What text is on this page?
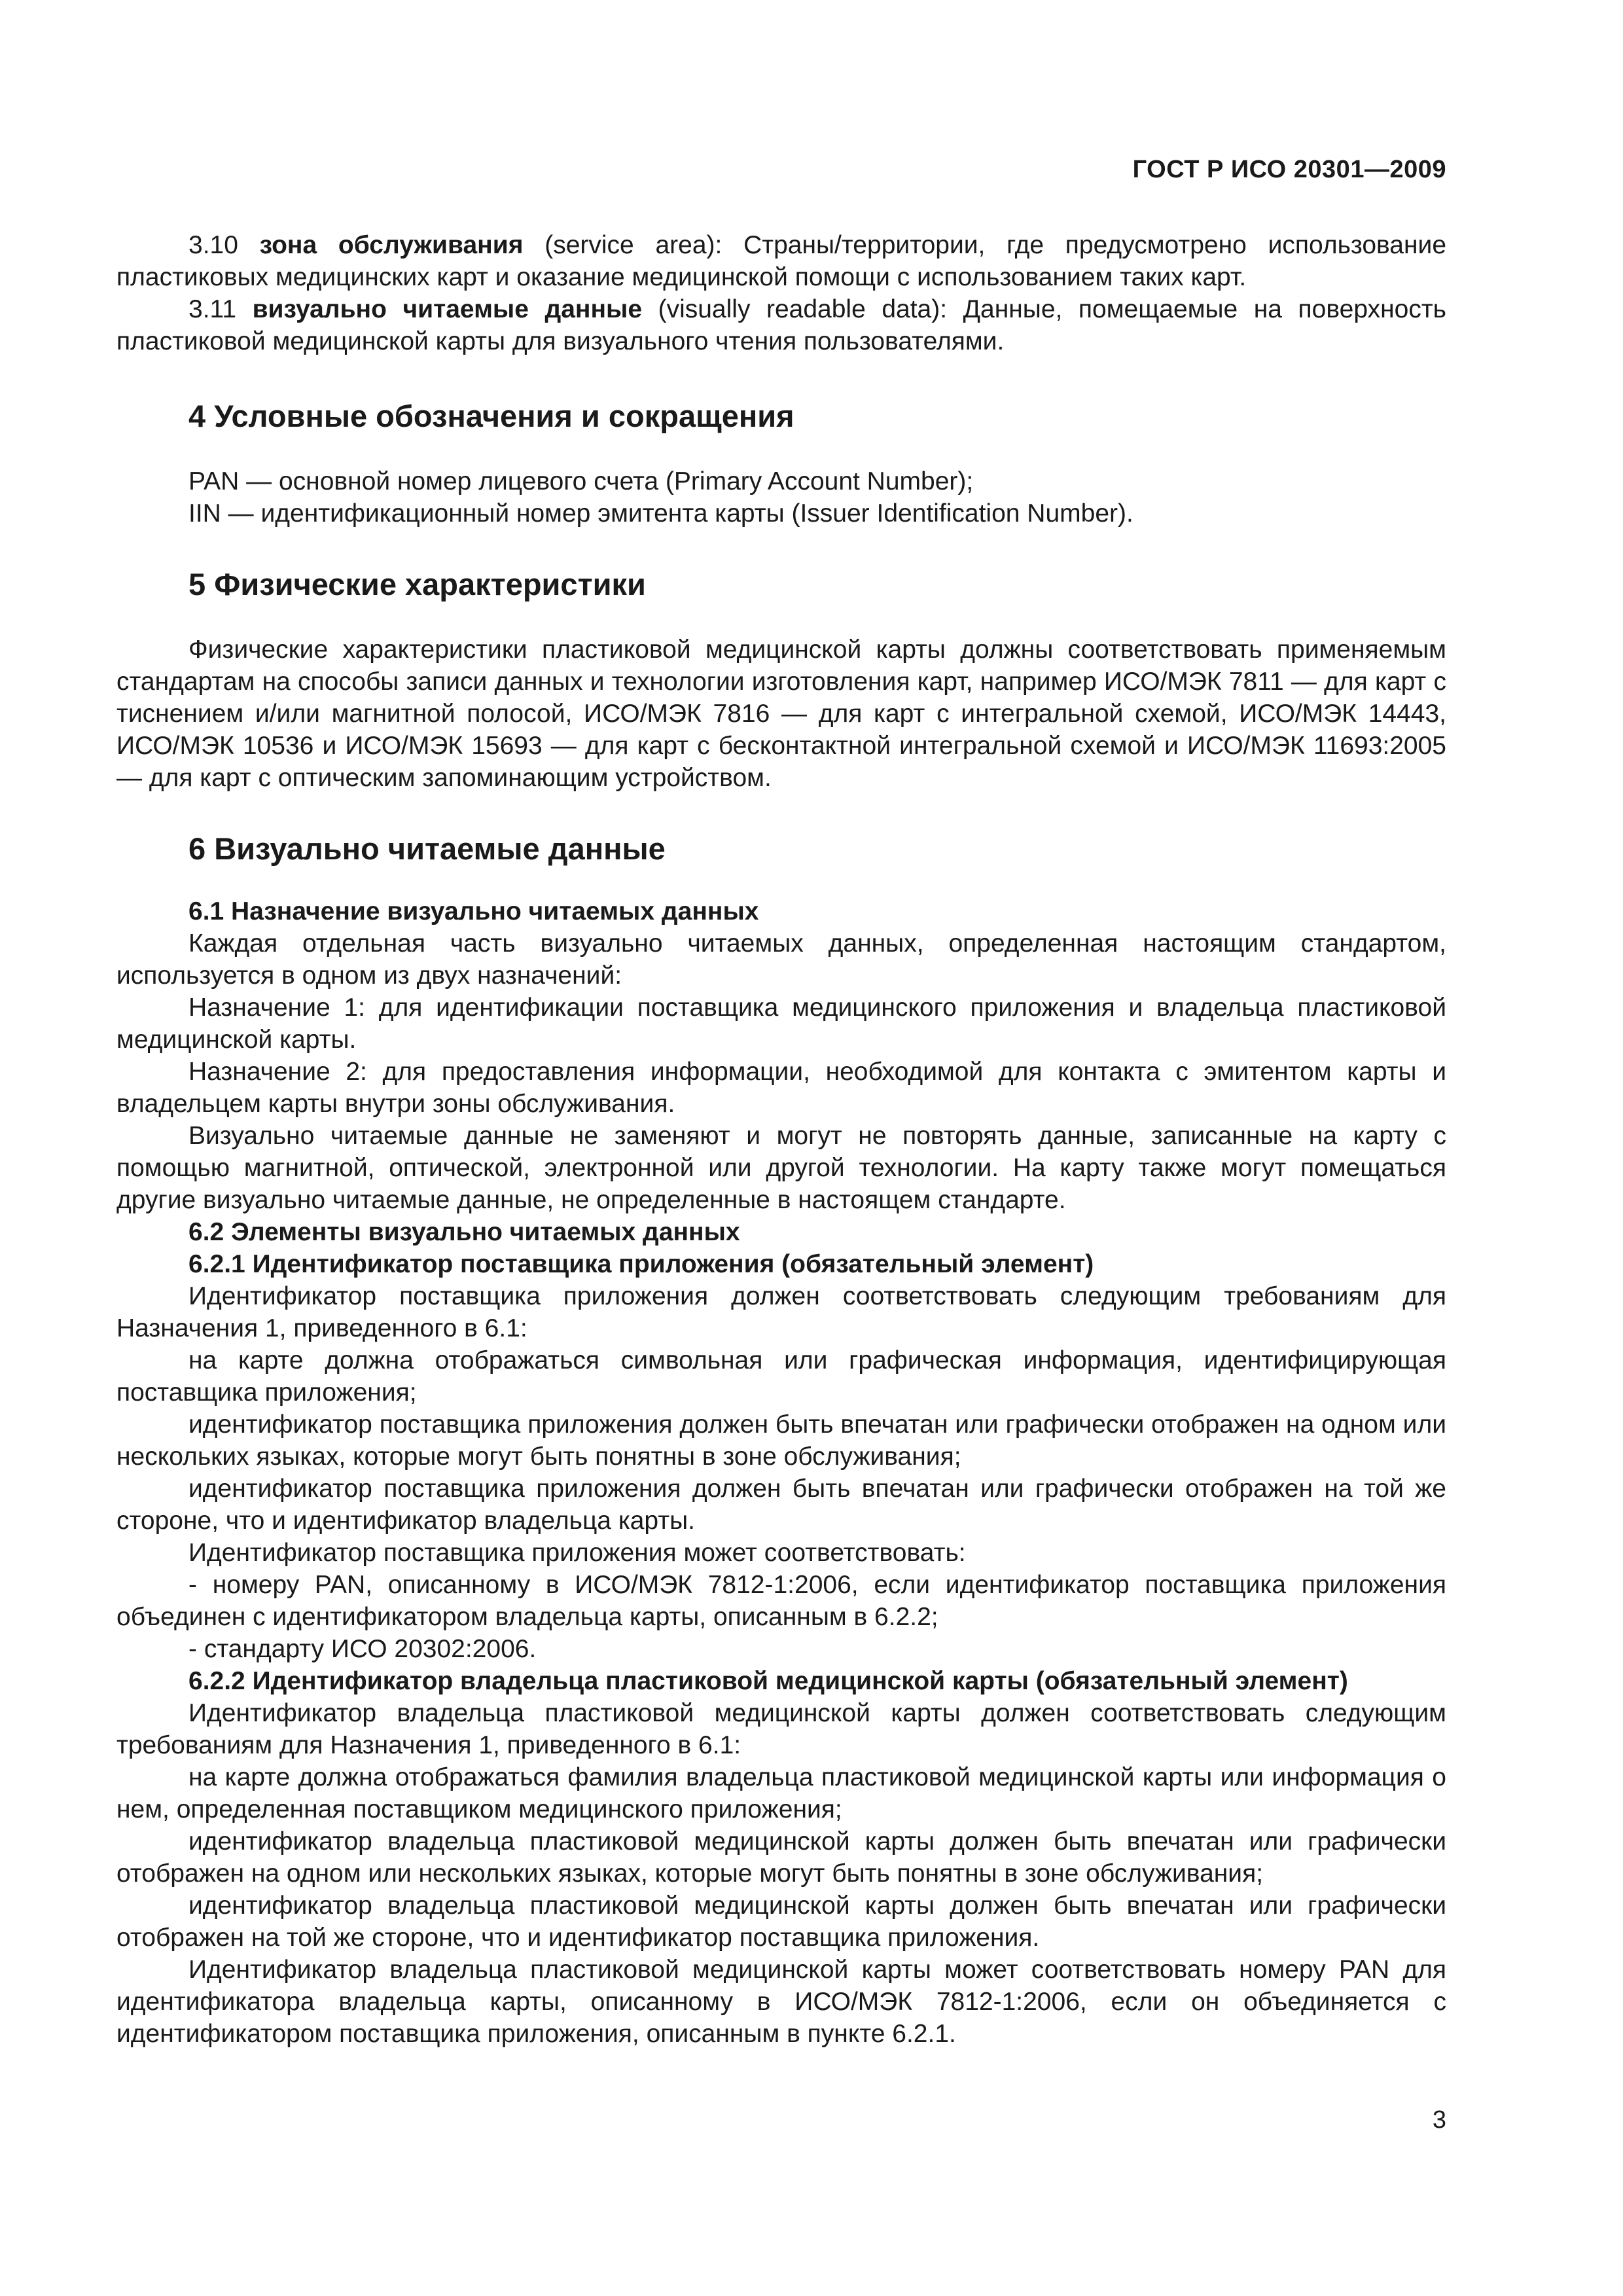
ГОСТ Р ИСО 20301—2009

3.10 зона обслуживания (service area): Страны/территории, где предусмотрено использование пластиковых медицинских карт и оказание медицинской помощи с использованием таких карт.

3.11 визуально читаемые данные (visually readable data): Данные, помещаемые на поверхность пластиковой медицинской карты для визуального чтения пользователями.

4 Условные обозначения и сокращения

PAN — основной номер лицевого счета (Primary Account Number);

IIN — идентификационный номер эмитента карты (Issuer Identification Number).

5 Физические характеристики

Физические характеристики пластиковой медицинской карты должны соответствовать применяемым стандартам на способы записи данных и технологии изготовления карт, например ИСО/МЭК 7811 — для карт с тиснением и/или магнитной полосой, ИСО/МЭК 7816 — для карт с интегральной схемой, ИСО/МЭК 14443, ИСО/МЭК 10536 и ИСО/МЭК 15693 — для карт с бесконтактной интегральной схемой и ИСО/МЭК 11693:2005 — для карт с оптическим запоминающим устройством.

6 Визуально читаемые данные
6.1 Назначение визуально читаемых данных

Каждая отдельная часть визуально читаемых данных, определенная настоящим стандартом, используется в одном из двух назначений:

Назначение 1: для идентификации поставщика медицинского приложения и владельца пластиковой медицинской карты.

Назначение 2: для предоставления информации, необходимой для контакта с эмитентом карты и владельцем карты внутри зоны обслуживания.

Визуально читаемые данные не заменяют и могут не повторять данные, записанные на карту с помощью магнитной, оптической, электронной или другой технологии. На карту также могут помещаться другие визуально читаемые данные, не определенные в настоящем стандарте.

6.2 Элементы визуально читаемых данных
6.2.1 Идентификатор поставщика приложения (обязательный элемент)

Идентификатор поставщика приложения должен соответствовать следующим требованиям для Назначения 1, приведенного в 6.1:

на карте должна отображаться символьная или графическая информация, идентифицирующая поставщика приложения;

идентификатор поставщика приложения должен быть впечатан или графически отображен на одном или нескольких языках, которые могут быть понятны в зоне обслуживания;

идентификатор поставщика приложения должен быть впечатан или графически отображен на той же стороне, что и идентификатор владельца карты.

Идентификатор поставщика приложения может соответствовать:

- номеру PAN, описанному в ИСО/МЭК 7812-1:2006, если идентификатор поставщика приложения объединен с идентификатором владельца карты, описанным в 6.2.2;

- стандарту ИСО 20302:2006.

6.2.2 Идентификатор владельца пластиковой медицинской карты (обязательный элемент)

Идентификатор владельца пластиковой медицинской карты должен соответствовать следующим требованиям для Назначения 1, приведенного в 6.1:

на карте должна отображаться фамилия владельца пластиковой медицинской карты или информация о нем, определенная поставщиком медицинского приложения;

идентификатор владельца пластиковой медицинской карты должен быть впечатан или графически отображен на одном или нескольких языках, которые могут быть понятны в зоне обслуживания;

идентификатор владельца пластиковой медицинской карты должен быть впечатан или графически отображен на той же стороне, что и идентификатор поставщика приложения.

Идентификатор владельца пластиковой медицинской карты может соответствовать номеру PAN для идентификатора владельца карты, описанному в ИСО/МЭК 7812-1:2006, если он объединяется с идентификатором поставщика приложения, описанным в пункте 6.2.1.

3
